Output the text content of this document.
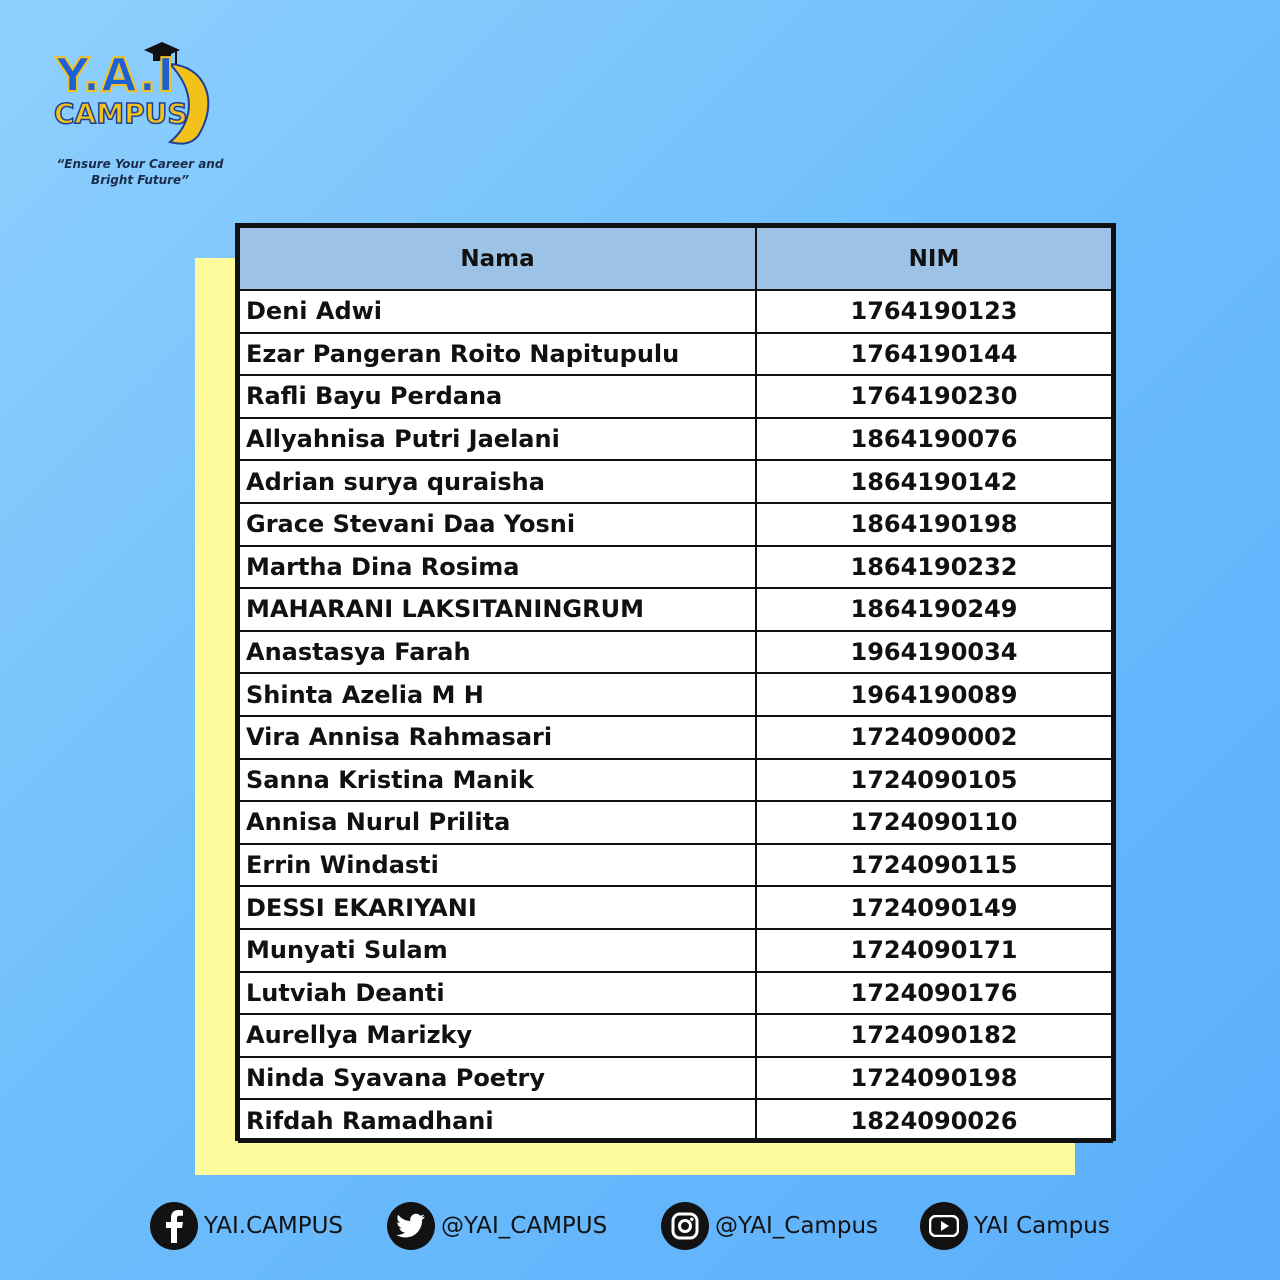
Y.A.I
CAMPUS
“Ensure Your Career and
Bright Future”
Nama	NIM
Deni Adwi	1764190123
Ezar Pangeran Roito Napitupulu	1764190144
Rafli Bayu Perdana	1764190230
Allyahnisa Putri Jaelani	1864190076
Adrian surya quraisha	1864190142
Grace Stevani Daa Yosni	1864190198
Martha Dina Rosima	1864190232
MAHARANI LAKSITANINGRUM	1864190249
Anastasya Farah	1964190034
Shinta Azelia M H	1964190089
Vira Annisa Rahmasari	1724090002
Sanna Kristina Manik	1724090105
Annisa Nurul Prilita	1724090110
Errin Windasti	1724090115
DESSI EKARIYANI	1724090149
Munyati Sulam	1724090171
Lutviah Deanti	1724090176
Aurellya Marizky	1724090182
Ninda Syavana Poetry	1724090198
Rifdah Ramadhani	1824090026
YAI.CAMPUS	@YAI_CAMPUS	@YAI_Campus	YAI Campus
